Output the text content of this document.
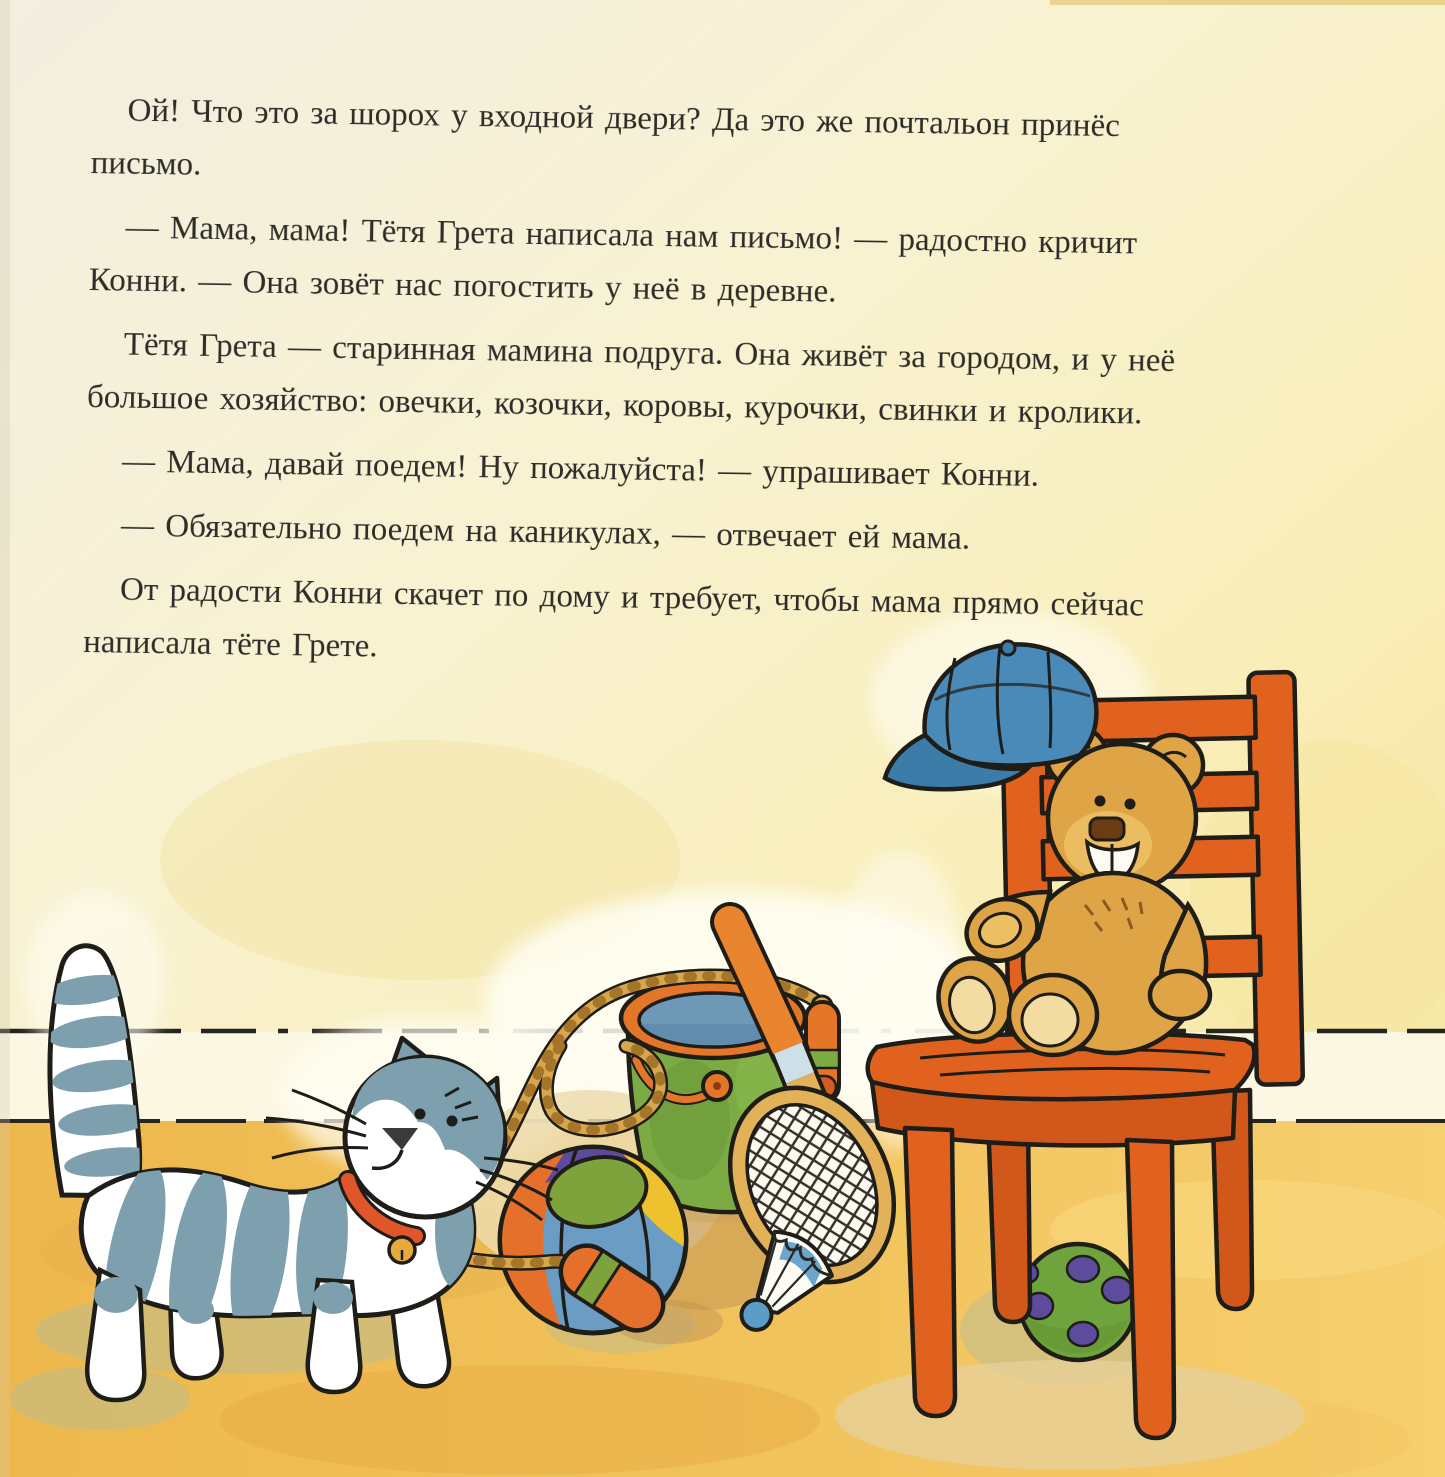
Ой! Что это за шорох у входной двери? Да это же почтальон принёс
письмо.

— Мама, мама! Тётя Грета написала нам письмо! — радостно кричит
Конни. — Она зовёт нас погостить у неё в деревне.

Тётя Грета — старинная мамина подруга. Она живёт за городом, и у неё
большое хозяйство: овечки, козочки, коровы, курочки, свинки и кролики.

— Мама, давай поедем! Ну пожалуйста! — упрашивает Конни.

— Обязательно поедем на каникулах, — отвечает ей мама.

От радости Конни скачет по дому и требует, чтобы мама прямо сейчас
написала тёте Грете.
